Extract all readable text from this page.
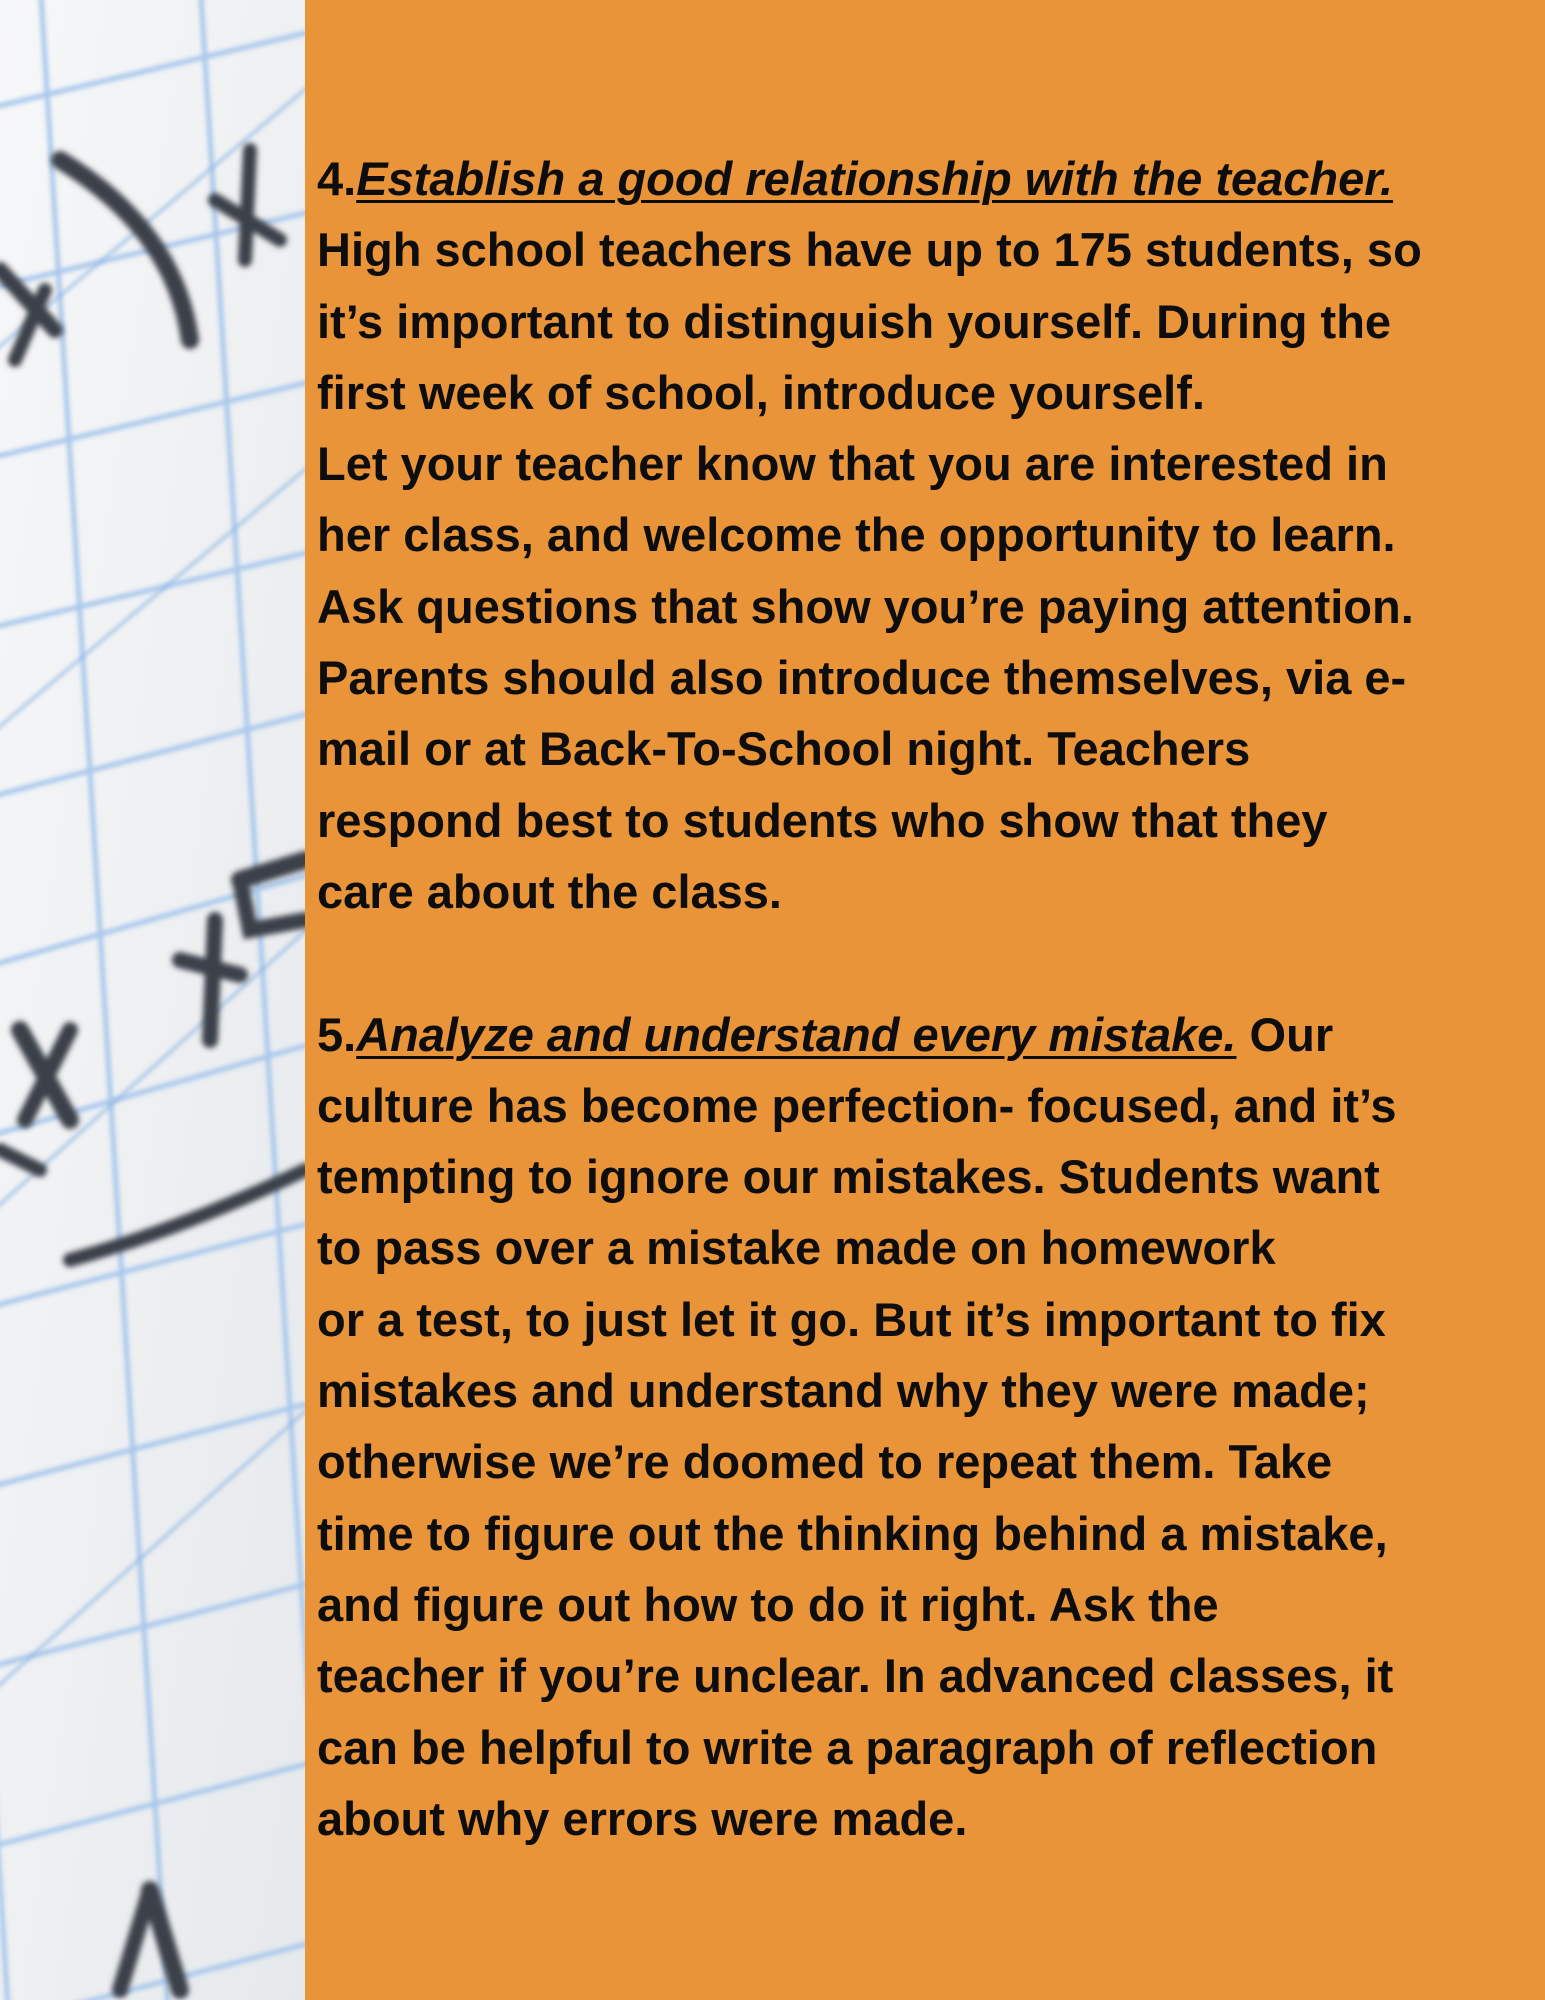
4.Establish a good relationship with the teacher.
High school teachers have up to 175 students, so
it’s important to distinguish yourself. During the
first week of school, introduce yourself.
Let your teacher know that you are interested in
her class, and welcome the opportunity to learn.
Ask questions that show you’re paying attention.
Parents should also introduce themselves, via e-
mail or at Back-To-School night. Teachers
respond best to students who show that they
care about the class.
5.Analyze and understand every mistake. Our
culture has become perfection- focused, and it’s
tempting to ignore our mistakes. Students want
to pass over a mistake made on homework
or a test, to just let it go. But it’s important to fix
mistakes and understand why they were made;
otherwise we’re doomed to repeat them. Take
time to figure out the thinking behind a mistake,
and figure out how to do it right. Ask the
teacher if you’re unclear. In advanced classes, it
can be helpful to write a paragraph of reflection
about why errors were made.
